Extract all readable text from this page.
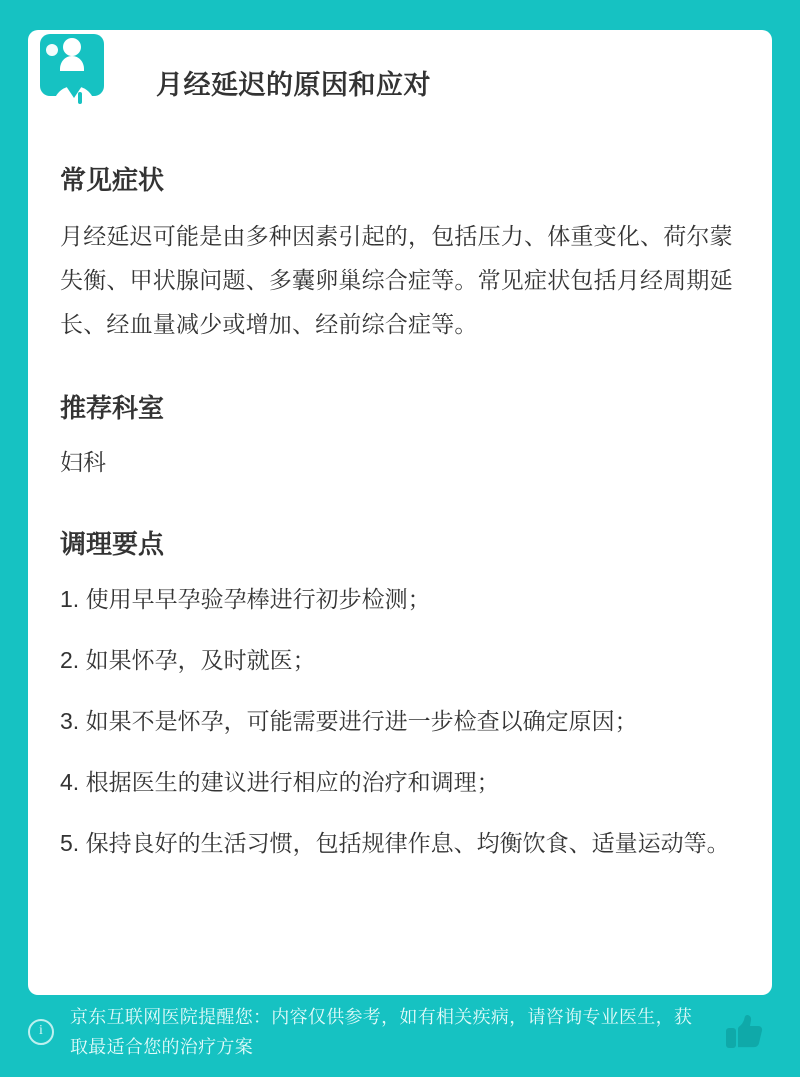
月经延迟的原因和应对
常见症状

月经延迟可能是由多种因素引起的，包括压力、体重变化、荷尔蒙失衡、甲状腺问题、多囊卵巢综合症等。常见症状包括月经周期延长、经血量减少或增加、经前综合症等。

推荐科室

妇科

调理要点
1. 使用早早孕验孕棒进行初步检测；
2. 如果怀孕，及时就医；
3. 如果不是怀孕，可能需要进行进一步检查以确定原因；
4. 根据医生的建议进行相应的治疗和调理；
5. 保持良好的生活习惯，包括规律作息、均衡饮食、适量运动等。
i
京东互联网医院提醒您：内容仅供参考，如有相关疾病，请咨询专业医生，获取最适合您的治疗方案
